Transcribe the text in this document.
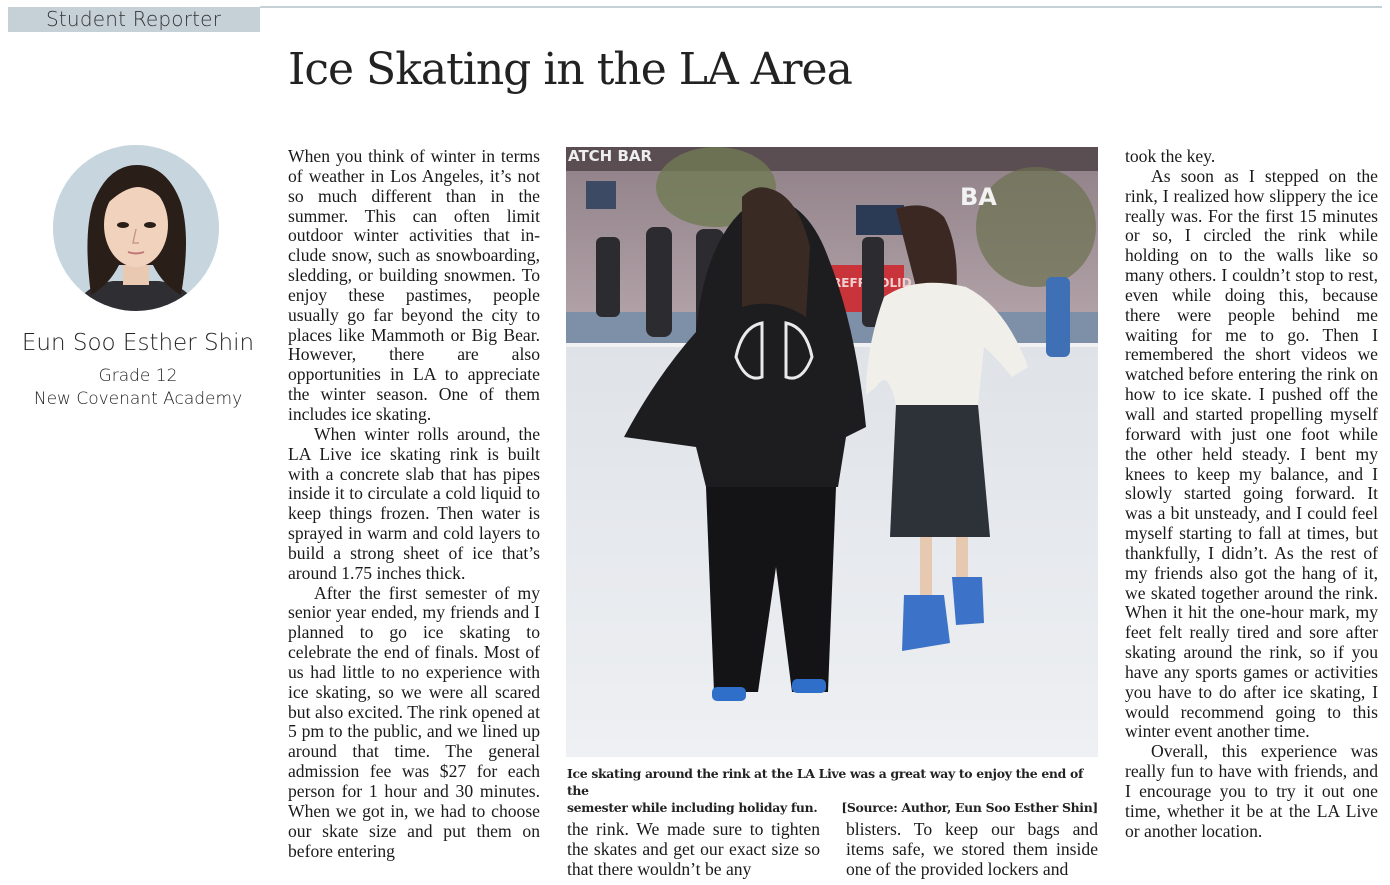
Student Reporter
Ice Skating in the LA Area
Eun Soo Esther Shin
Grade 12
New Covenant Academy

When you think of winter in terms of weather in Los Angeles, it’s not so much different than in the summer. This can often limit outdoor winter activities that include snow, such as snowboarding, sledding, or building snowmen. To enjoy these pastimes, people usually go far beyond the city to places like Mammoth or Big Bear. However, there are also opportunities in LA to appreciate the winter season. One of them includes ice skating.

When winter rolls around, the LA Live ice skating rink is built with a concrete slab that has pipes inside it to circulate a cold liquid to keep things frozen. Then water is sprayed in warm and cold layers to build a strong sheet of ice that’s around 1.75 inches thick.

After the first semester of my senior year ended, my friends and I planned to go ice skating to celebrate the end of finals. Most of us had little to no experience with ice skating, so we were all scared but also excited. The rink opened at 5 pm to the public, and we lined up around that time. The general admission fee was $27 for each person for 1 hour and 30 minutes. When we got in, we had to choose our skate size and put them on before entering

ATCH BAR
BA
REFRE OLID
Ice skating around the rink at the LA Live was a great way to enjoy the end of the
semester while including holiday fun. [Source: Author, Eun Soo Esther Shin]

the rink. We made sure to tighten the skates and get our exact size so that there wouldn’t be any

blisters. To keep our bags and items safe, we stored them inside one of the provided lockers and

took the key.

As soon as I stepped on the rink, I realized how slippery the ice really was. For the first 15 minutes or so, I circled the rink while holding on to the walls like so many others. I couldn’t stop to rest, even while doing this, because there were people behind me waiting for me to go. Then I remembered the short videos we watched before entering the rink on how to ice skate. I pushed off the wall and started propelling myself forward with just one foot while the other held steady. I bent my knees to keep my balance, and I slowly started going forward. It was a bit unsteady, and I could feel myself starting to fall at times, but thankfully, I didn’t. As the rest of my friends also got the hang of it, we skated together around the rink. When it hit the one-hour mark, my feet felt really tired and sore after skating around the rink, so if you have any sports games or activities you have to do after ice skating, I would recommend going to this winter event another time.

Overall, this experience was really fun to have with friends, and I encourage you to try it out one time, whether it be at the LA Live or another location.
